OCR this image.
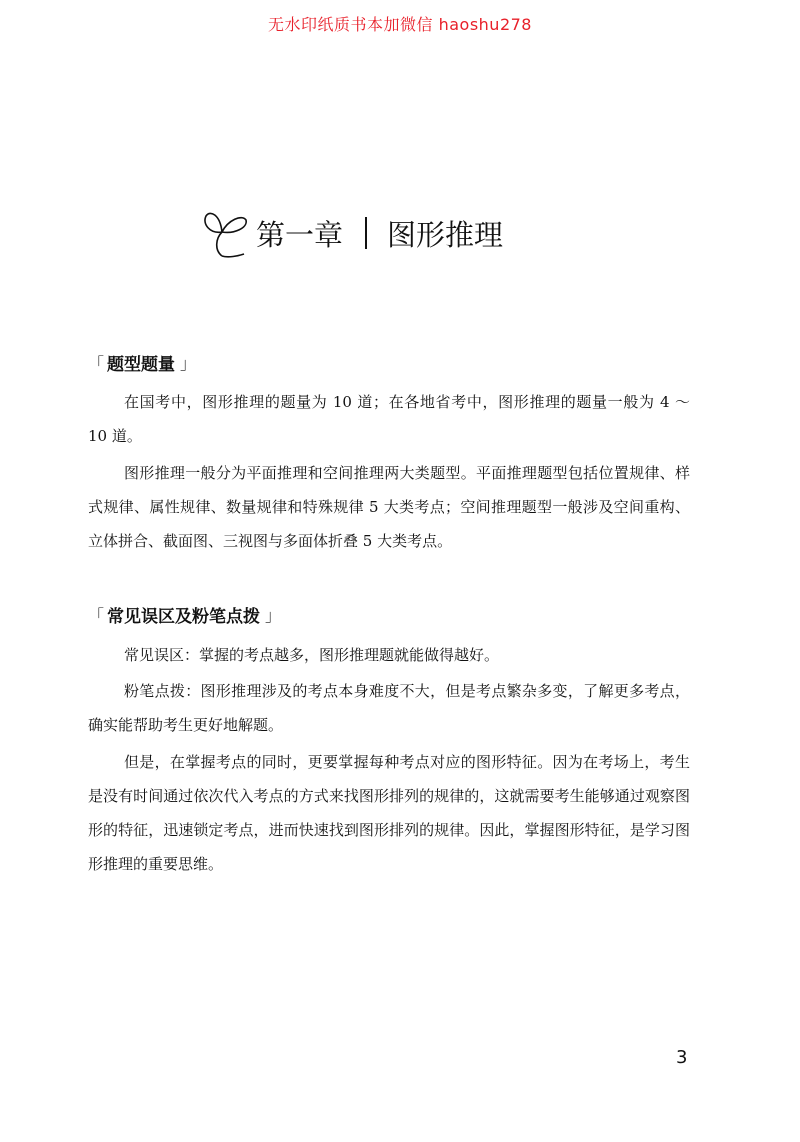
无水印纸质书本加微信 haoshu278
第一章 图形推理
「 题型题量 」

在国考中，图形推理的题量为 10 道；在各地省考中，图形推理的题量一般为 4 ～ 10 道。

图形推理一般分为平面推理和空间推理两大类题型。平面推理题型包括位置规律、样式规律、属性规律、数量规律和特殊规律 5 大类考点；空间推理题型一般涉及空间重构、立体拼合、截面图、三视图与多面体折叠 5 大类考点。

「 常见误区及粉笔点拨 」

常见误区：掌握的考点越多，图形推理题就能做得越好。

粉笔点拨：图形推理涉及的考点本身难度不大，但是考点繁杂多变，了解更多考点，确实能帮助考生更好地解题。

但是，在掌握考点的同时，更要掌握每种考点对应的图形特征。因为在考场上，考生是没有时间通过依次代入考点的方式来找图形排列的规律的，这就需要考生能够通过观察图形的特征，迅速锁定考点，进而快速找到图形排列的规律。因此，掌握图形特征，是学习图形推理的重要思维。

3
